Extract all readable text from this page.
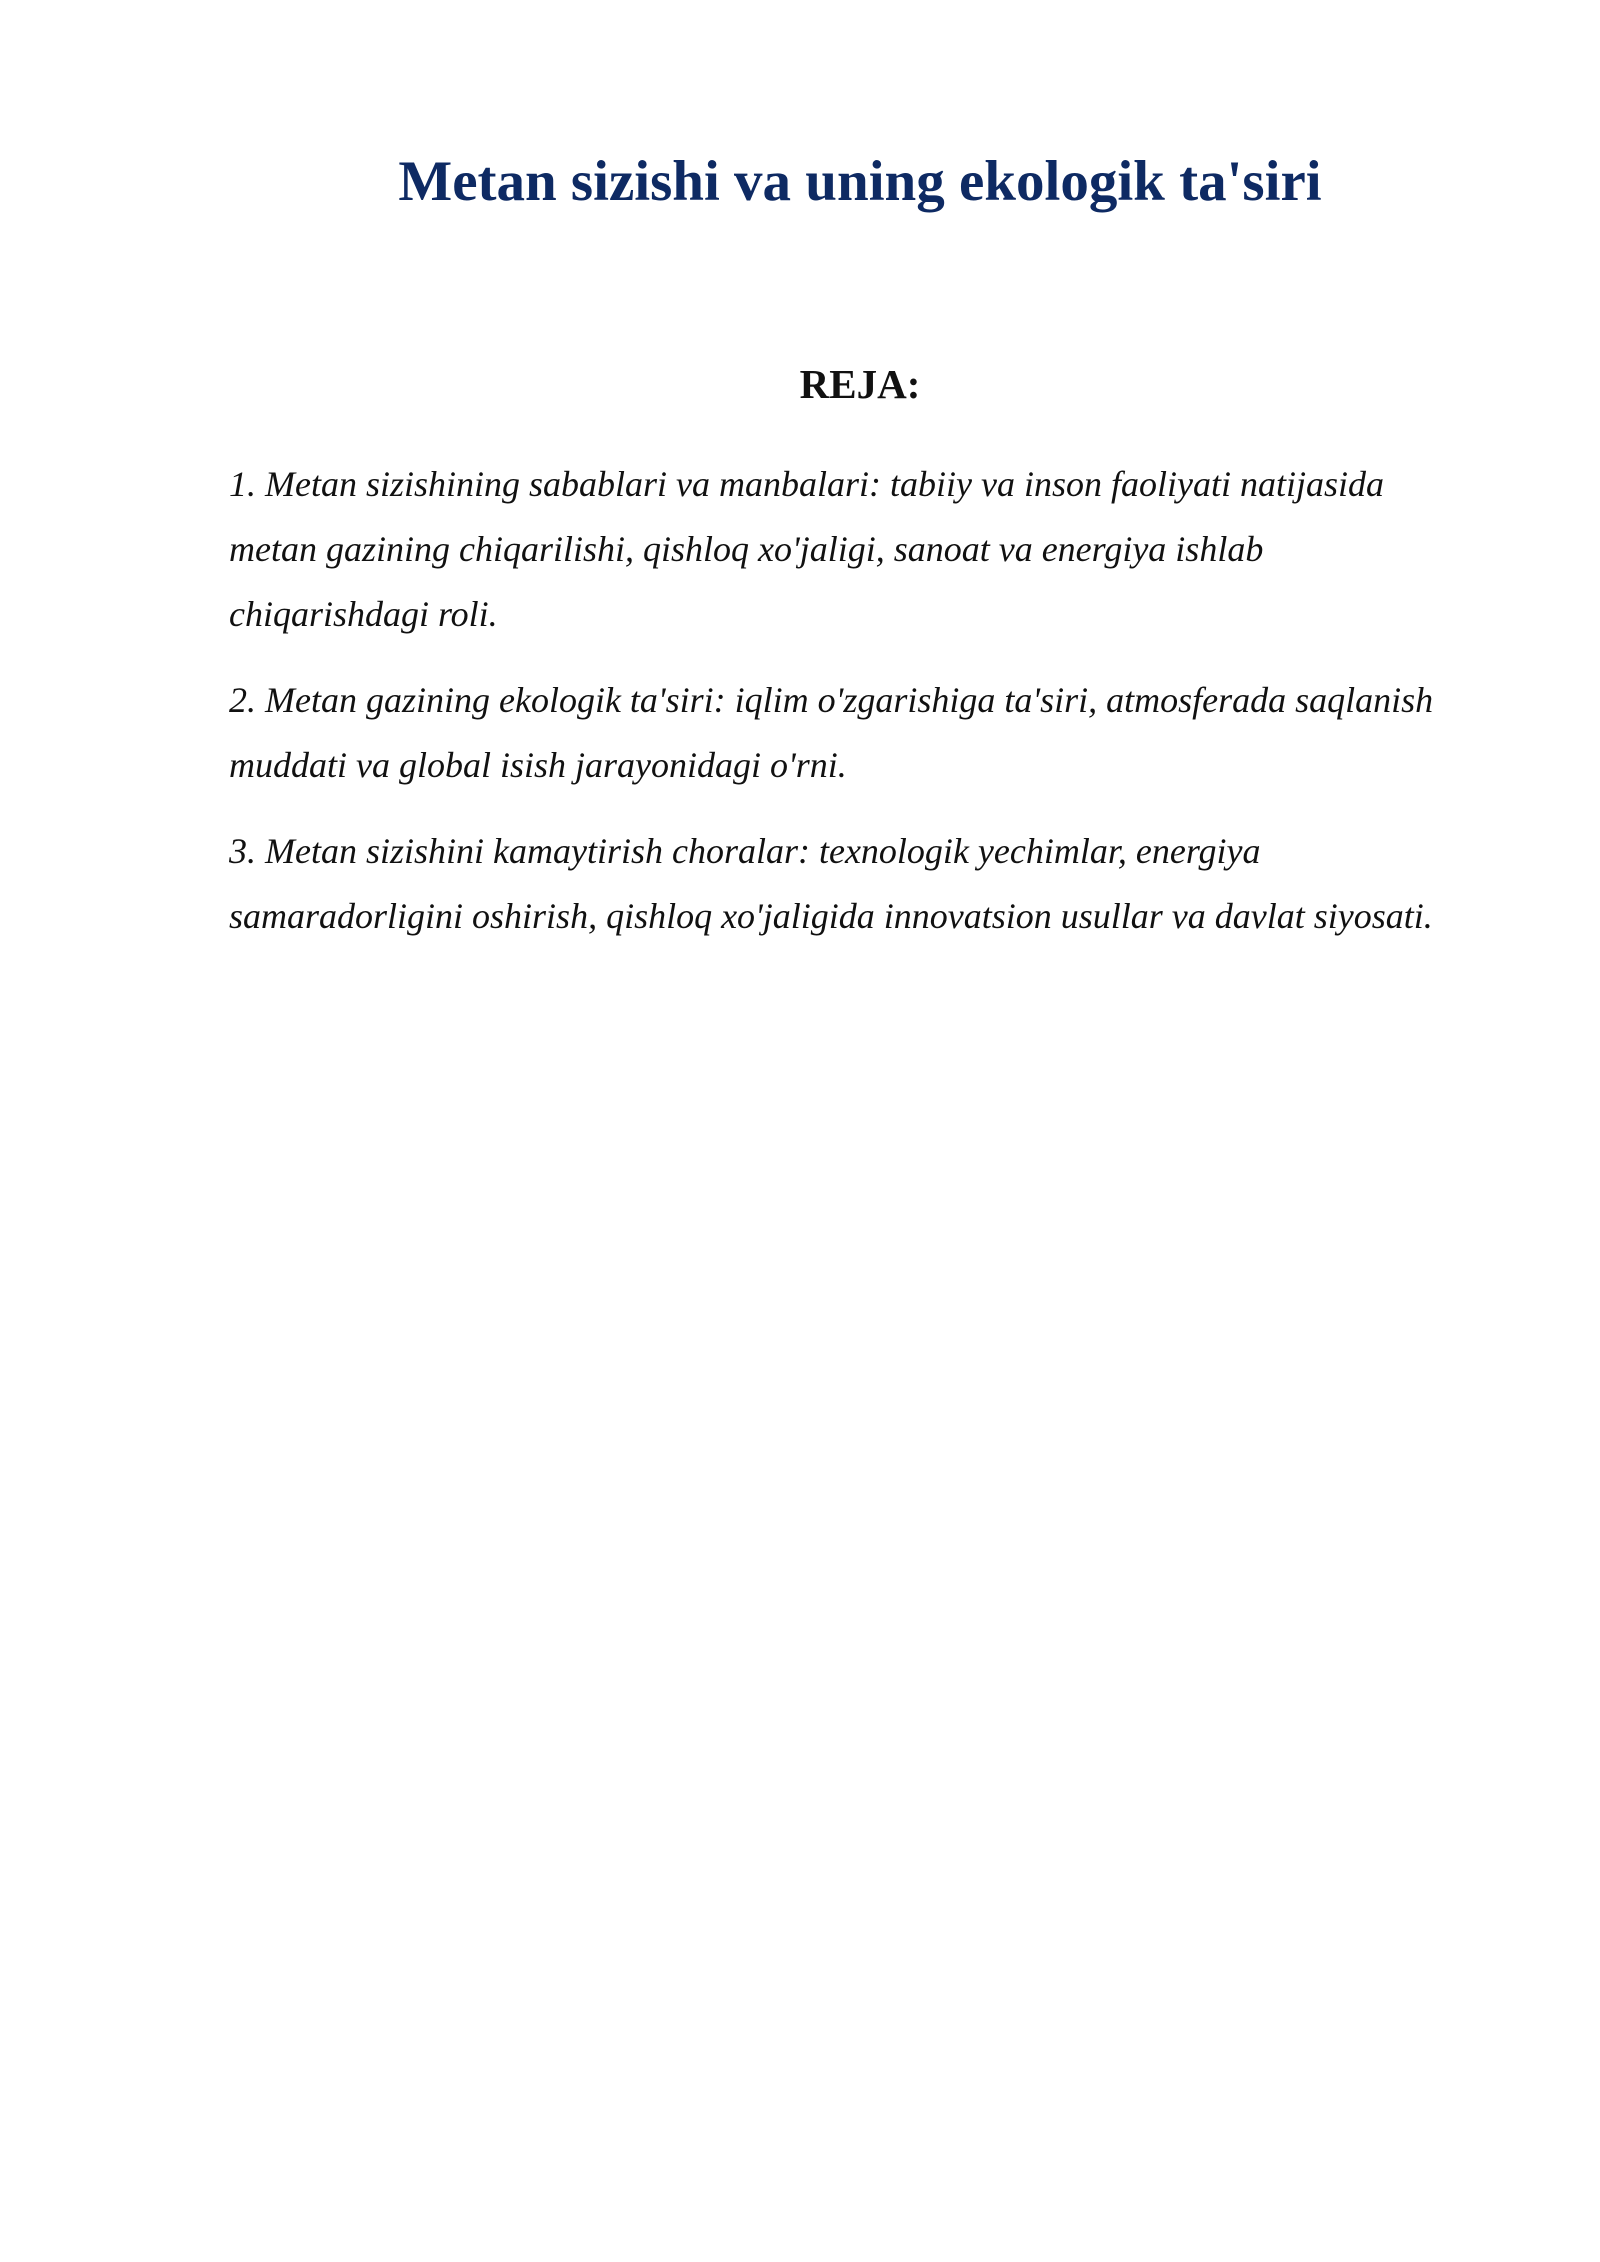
Metan sizishi va uning ekologik ta'siri
REJA:
1. Metan sizishining sabablari va manbalari: tabiiy va inson faoliyati natijasida metan gazining chiqarilishi, qishloq xo'jaligi, sanoat va energiya ishlab chiqarishdagi roli.
2. Metan gazining ekologik ta'siri: iqlim o'zgarishiga ta'siri, atmosferada saqlanish muddati va global isish jarayonidagi o'rni.
3. Metan sizishini kamaytirish choralar: texnologik yechimlar, energiya samaradorligini oshirish, qishloq xo'jaligida innovatsion usullar va davlat siyosati.
